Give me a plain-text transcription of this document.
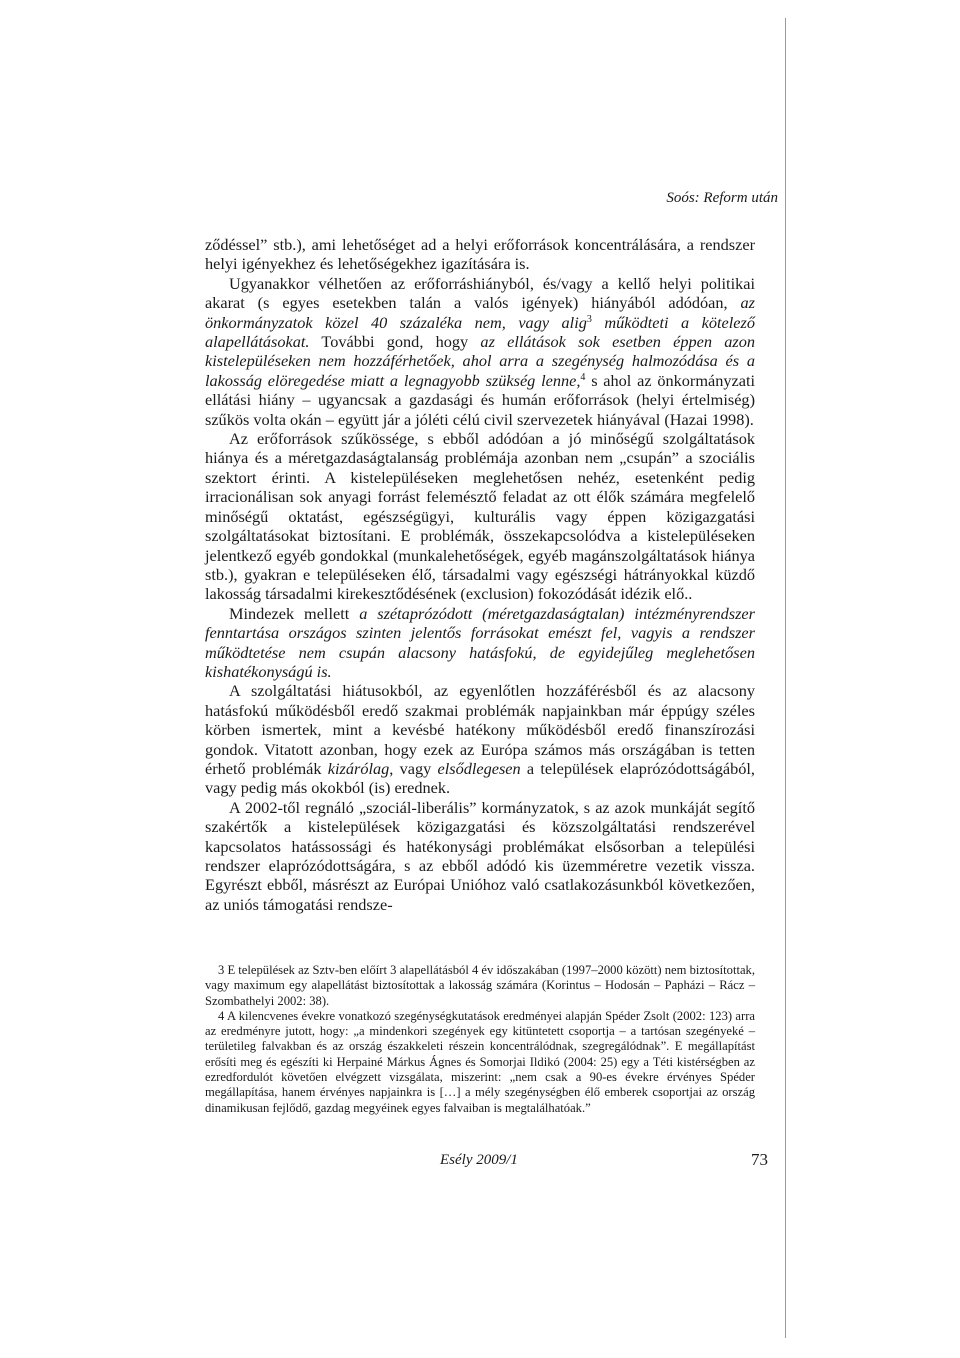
Soós: Reform után

ződéssel” stb.), ami lehetőséget ad a helyi erőforrások koncentrálására, a rendszer helyi igényekhez és lehetőségekhez igazítására is.

Ugyanakkor vélhetően az erőforráshiányból, és/vagy a kellő helyi politikai akarat (s egyes esetekben talán a valós igények) hiányából adódóan, az önkormányzatok közel 40 százaléka nem, vagy alig$^3$ működteti a kötelező alapellátásokat. További gond, hogy az ellátások sok esetben éppen azon kistelepüléseken nem hozzáférhetőek, ahol arra a szegénység halmozódása és a lakosság elöregedése miatt a legnagyobb szükség lenne,$^4$ s ahol az önkormányzati ellátási hiány – ugyancsak a gazdasági és humán erőforrások (helyi értelmiség) szűkös volta okán – együtt jár a jóléti célú civil szervezetek hiányával (Hazai 1998).

Az erőforrások szűkössége, s ebből adódóan a jó minőségű szolgáltatások hiánya és a méretgazdaságtalanság problémája azonban nem „csupán” a szociális szektort érinti. A kistelepüléseken meglehetősen nehéz, esetenként pedig irracionálisan sok anyagi forrást felemésztő feladat az ott élők számára megfelelő minőségű oktatást, egészségügyi, kulturális vagy éppen közigazgatási szolgáltatásokat biztosítani. E problémák, összekapcsolódva a kistelepüléseken jelentkező egyéb gondokkal (munkalehetőségek, egyéb magánszolgáltatások hiánya stb.), gyakran e településeken élő, társadalmi vagy egészségi hátrányokkal küzdő lakosság társadalmi kirekesztődésének (exclusion) fokozódását idézik elő..

Mindezek mellett a szétaprózódott (méretgazdaságtalan) intézményrendszer fenntartása országos szinten jelentős forrásokat emészt fel, vagyis a rendszer működtetése nem csupán alacsony hatásfokú, de egyidejűleg meglehetősen kishatékonyságú is.

A szolgáltatási hiátusokból, az egyenlőtlen hozzáférésből és az alacsony hatásfokú működésből eredő szakmai problémák napjainkban már éppúgy széles körben ismertek, mint a kevésbé hatékony működésből eredő finanszírozási gondok. Vitatott azonban, hogy ezek az Európa számos más országában is tetten érhető problémák kizárólag, vagy elsődlegesen a települések elaprózódottságából, vagy pedig más okokból (is) erednek.

A 2002-től regnáló „szociál-liberális” kormányzatok, s az azok munkáját segítő szakértők a kistelepülések közigazgatási és közszolgáltatási rendszerével kapcsolatos hatássossági és hatékonysági problémákat elsősorban a települési rendszer elaprózódottságára, s az ebből adódó kis üzemméretre vezetik vissza. Egyrészt ebből, másrészt az Európai Unióhoz való csatlakozásunkból következően, az uniós támogatási rendsze-

3 E települések az Sztv-ben előírt 3 alapellátásból 4 év időszakában (1997–2000 között) nem biztosítottak, vagy maximum egy alapellátást biztosítottak a lakosság számára (Korintus – Hodosán – Papházi – Rácz – Szombathelyi 2002: 38).

4 A kilencvenes évekre vonatkozó szegénységkutatások eredményei alapján Spéder Zsolt (2002: 123) arra az eredményre jutott, hogy: „a mindenkori szegények egy kitüntetett csoportja – a tartósan szegényeké – területileg falvakban és az ország északkeleti részein koncentrálódnak, szegregálódnak”. E megállapítást erősíti meg és egészíti ki Herpainé Márkus Ágnes és Somorjai Ildikó (2004: 25) egy a Téti kistérségben az ezredfordulót követően elvégzett vizsgálata, miszerint: „nem csak a 90-es évekre érvényes Spéder megállapítása, hanem érvényes napjainkra is […] a mély szegénységben élő emberek csoportjai az ország dinamikusan fejlődő, gazdag megyéinek egyes falvaiban is megtalálhatóak.”

Esély 2009/1	73
